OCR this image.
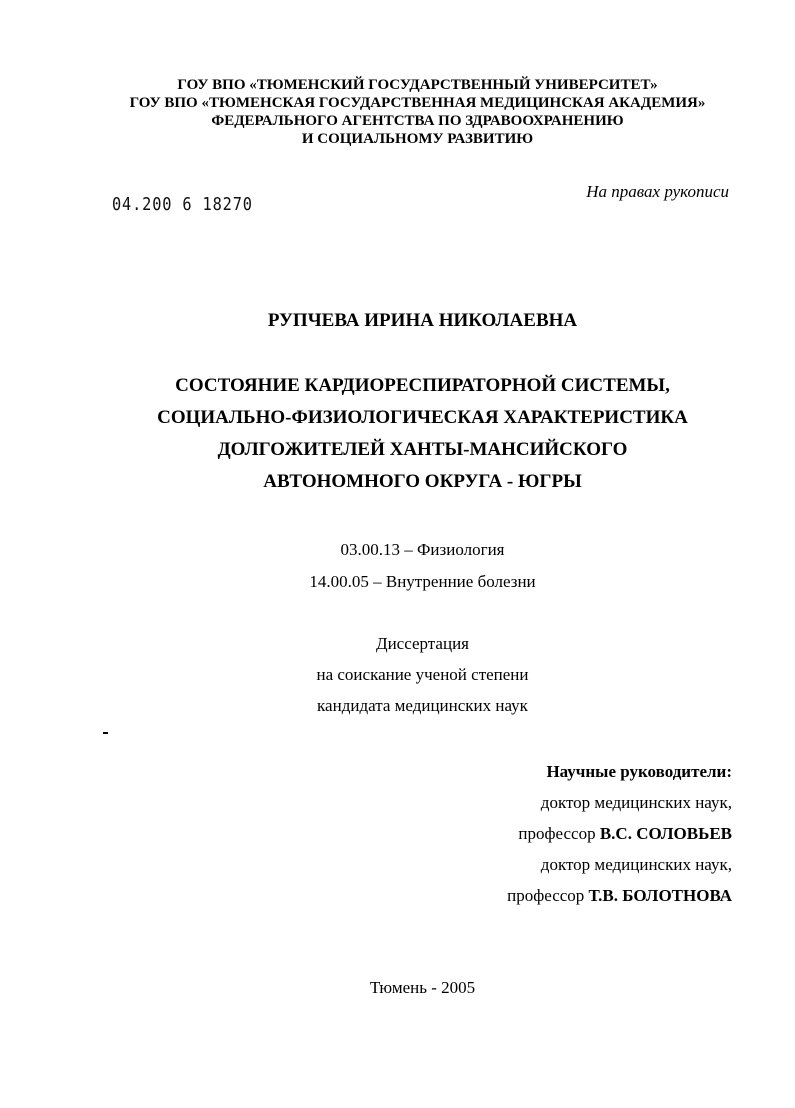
ГОУ ВПО «ТЮМЕНСКИЙ ГОСУДАРСТВЕННЫЙ УНИВЕРСИТЕТ»
ГОУ ВПО «ТЮМЕНСКАЯ ГОСУДАРСТВЕННАЯ МЕДИЦИНСКАЯ АКАДЕМИЯ»
ФЕДЕРАЛЬНОГО АГЕНТСТВА ПО ЗДРАВООХРАНЕНИЮ
И СОЦИАЛЬНОМУ РАЗВИТИЮ
04.200 6 18270
На правах рукописи
РУПЧЕВА ИРИНА НИКОЛАЕВНА
СОСТОЯНИЕ КАРДИОРЕСПИРАТОРНОЙ СИСТЕМЫ,
СОЦИАЛЬНО-ФИЗИОЛОГИЧЕСКАЯ ХАРАКТЕРИСТИКА
ДОЛГОЖИТЕЛЕЙ ХАНТЫ-МАНСИЙСКОГО
АВТОНОМНОГО ОКРУГА - ЮГРЫ
03.00.13 – Физиология
14.00.05 – Внутренние болезни
Диссертация
на соискание ученой степени
кандидата медицинских наук
Научные руководители:
доктор медицинских наук,
профессор В.С. СОЛОВЬЕВ
доктор медицинских наук,
профессор Т.В. БОЛОТНОВА
Тюмень - 2005
